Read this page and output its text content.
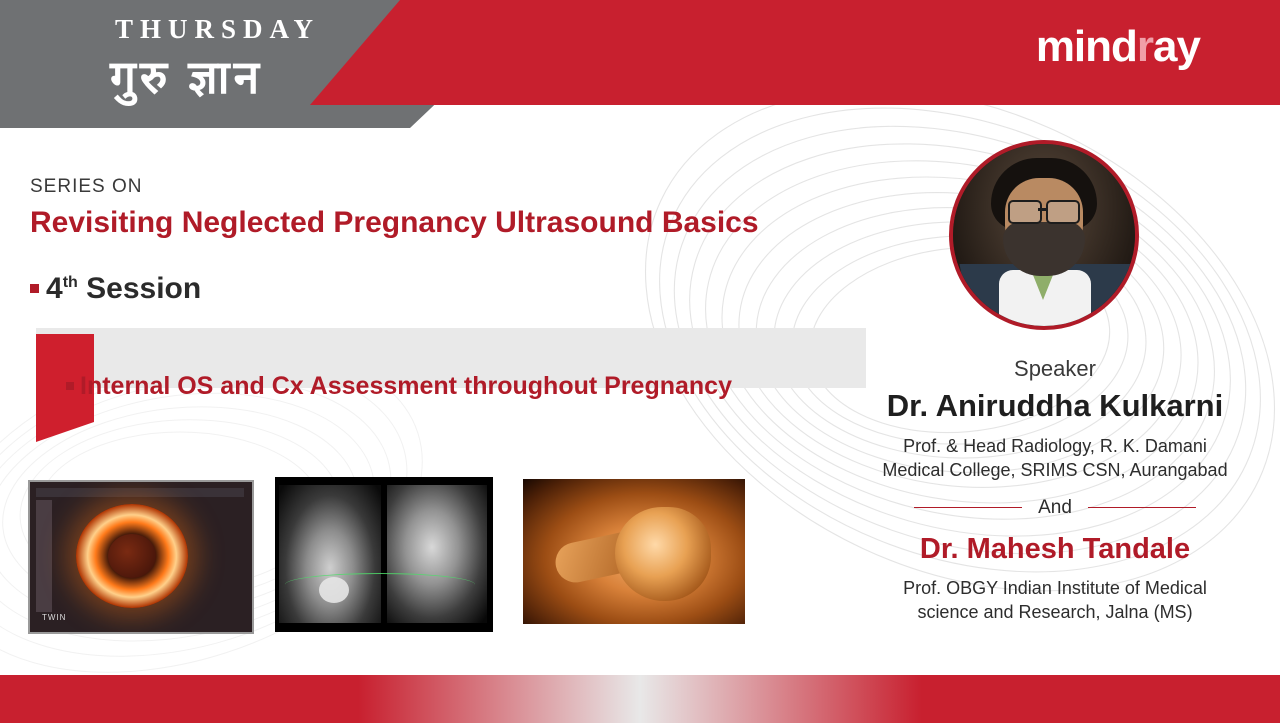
THURSDAY
गुरु ज्ञान
mindray
SERIES ON
Revisiting Neglected Pregnancy Ultrasound Basics
4th Session
Internal OS and Cx Assessment throughout Pregnancy
TWIN
Speaker
Dr. Aniruddha Kulkarni
Prof. & Head Radiology, R. K. Damani
Medical College, SRIMS CSN, Aurangabad
And
Dr. Mahesh Tandale
Prof. OBGY Indian Institute of Medical
science and Research, Jalna (MS)
